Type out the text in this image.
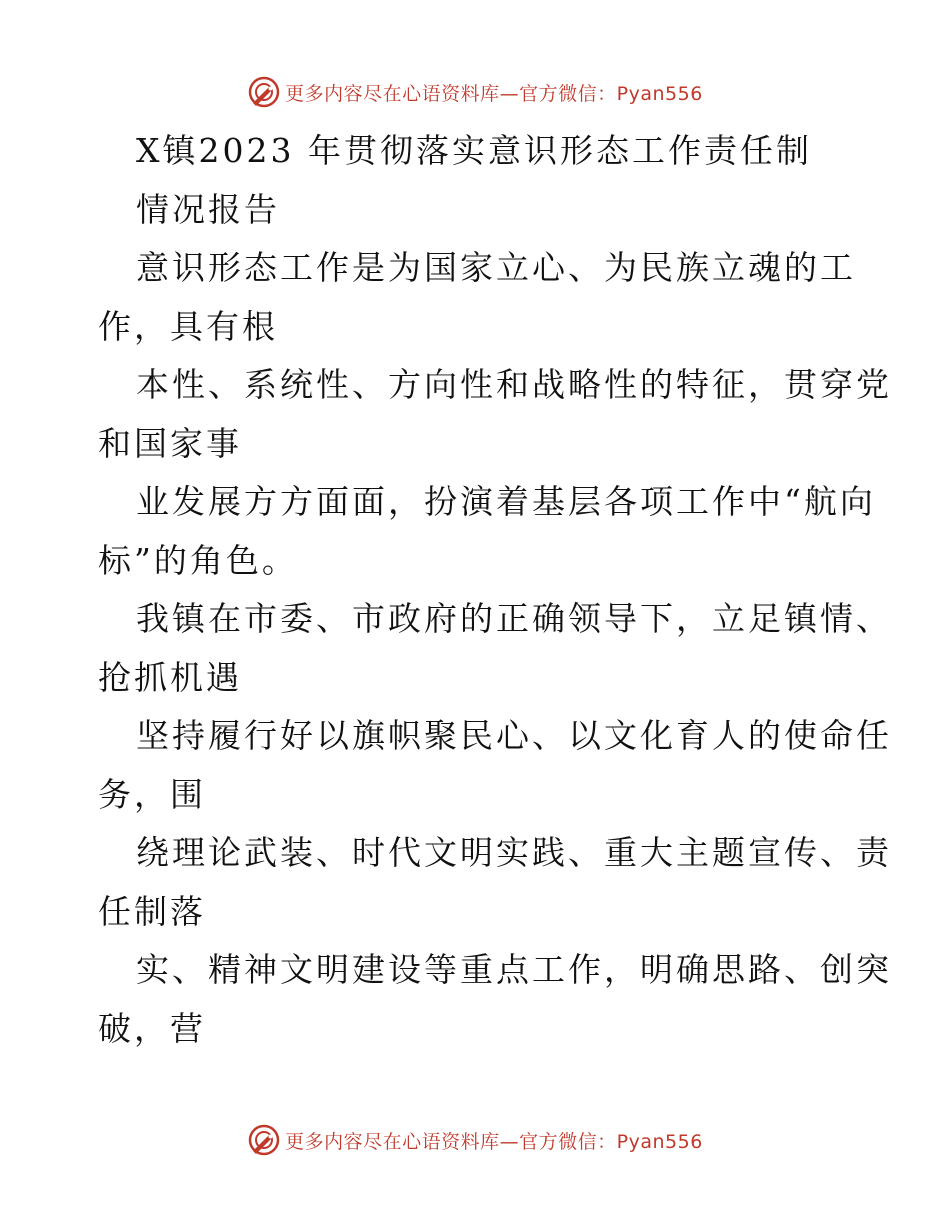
更多内容尽在心语资料库—官方微信：Pyan556
X镇2023 年贯彻落实意识形态工作责任制
情况报告
意识形态工作是为国家立心、为民族立魂的工
作，具有根
本性、系统性、方向性和战略性的特征，贯穿党
和国家事
业发展方方面面，扮演着基层各项工作中“航向
标”的角色。
我镇在市委、市政府的正确领导下，立足镇情、
抢抓机遇
坚持履行好以旗帜聚民心、以文化育人的使命任
务，围
绕理论武装、时代文明实践、重大主题宣传、责
任制落
实、精神文明建设等重点工作，明确思路、创突
破，营
更多内容尽在心语资料库—官方微信：Pyan556
